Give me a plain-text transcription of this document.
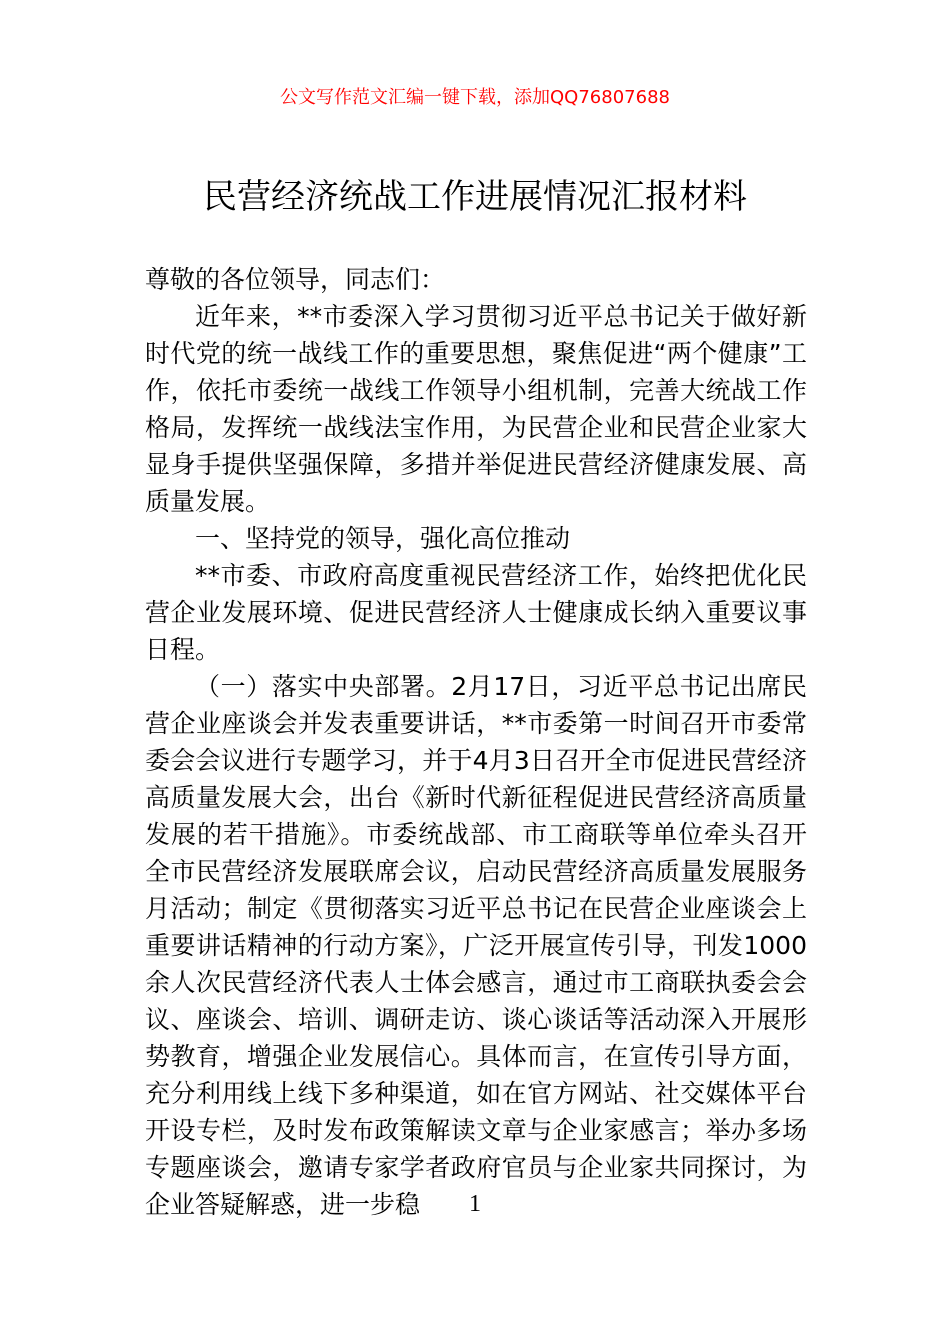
公文写作范文汇编一键下载，添加QQ76807688
民营经济统战工作进展情况汇报材料

尊敬的各位领导，同志们：

近年来，**市委深入学习贯彻习近平总书记关于做好新时代党的统一战线工作的重要思想，聚焦促进“两个健康”工作，依托市委统一战线工作领导小组机制，完善大统战工作格局，发挥统一战线法宝作用，为民营企业和民营企业家大显身手提供坚强保障，多措并举促进民营经济健康发展、高质量发展。

一、坚持党的领导，强化高位推动

**市委、市政府高度重视民营经济工作，始终把优化民营企业发展环境、促进民营经济人士健康成长纳入重要议事日程。

（一）落实中央部署。2月17日，习近平总书记出席民营企业座谈会并发表重要讲话，**市委第一时间召开市委常委会会议进行专题学习，并于4月3日召开全市促进民营经济高质量发展大会，出台《新时代新征程促进民营经济高质量发展的若干措施》。市委统战部、市工商联等单位牵头召开全市民营经济发展联席会议，启动民营经济高质量发展服务月活动；制定《贯彻落实习近平总书记在民营企业座谈会上重要讲话精神的行动方案》，广泛开展宣传引导，刊发1000余人次民营经济代表人士体会感言，通过市工商联执委会会议、座谈会、培训、调研走访、谈心谈话等活动深入开展形势教育，增强企业发展信心。具体而言，在宣传引导方面，充分利用线上线下多种渠道，如在官方网站、社交媒体平台开设专栏，及时发布政策解读文章与企业家感言；举办多场专题座谈会，邀请专家学者政府官员与企业家共同探讨，为企业答疑解惑，进一步稳	1
